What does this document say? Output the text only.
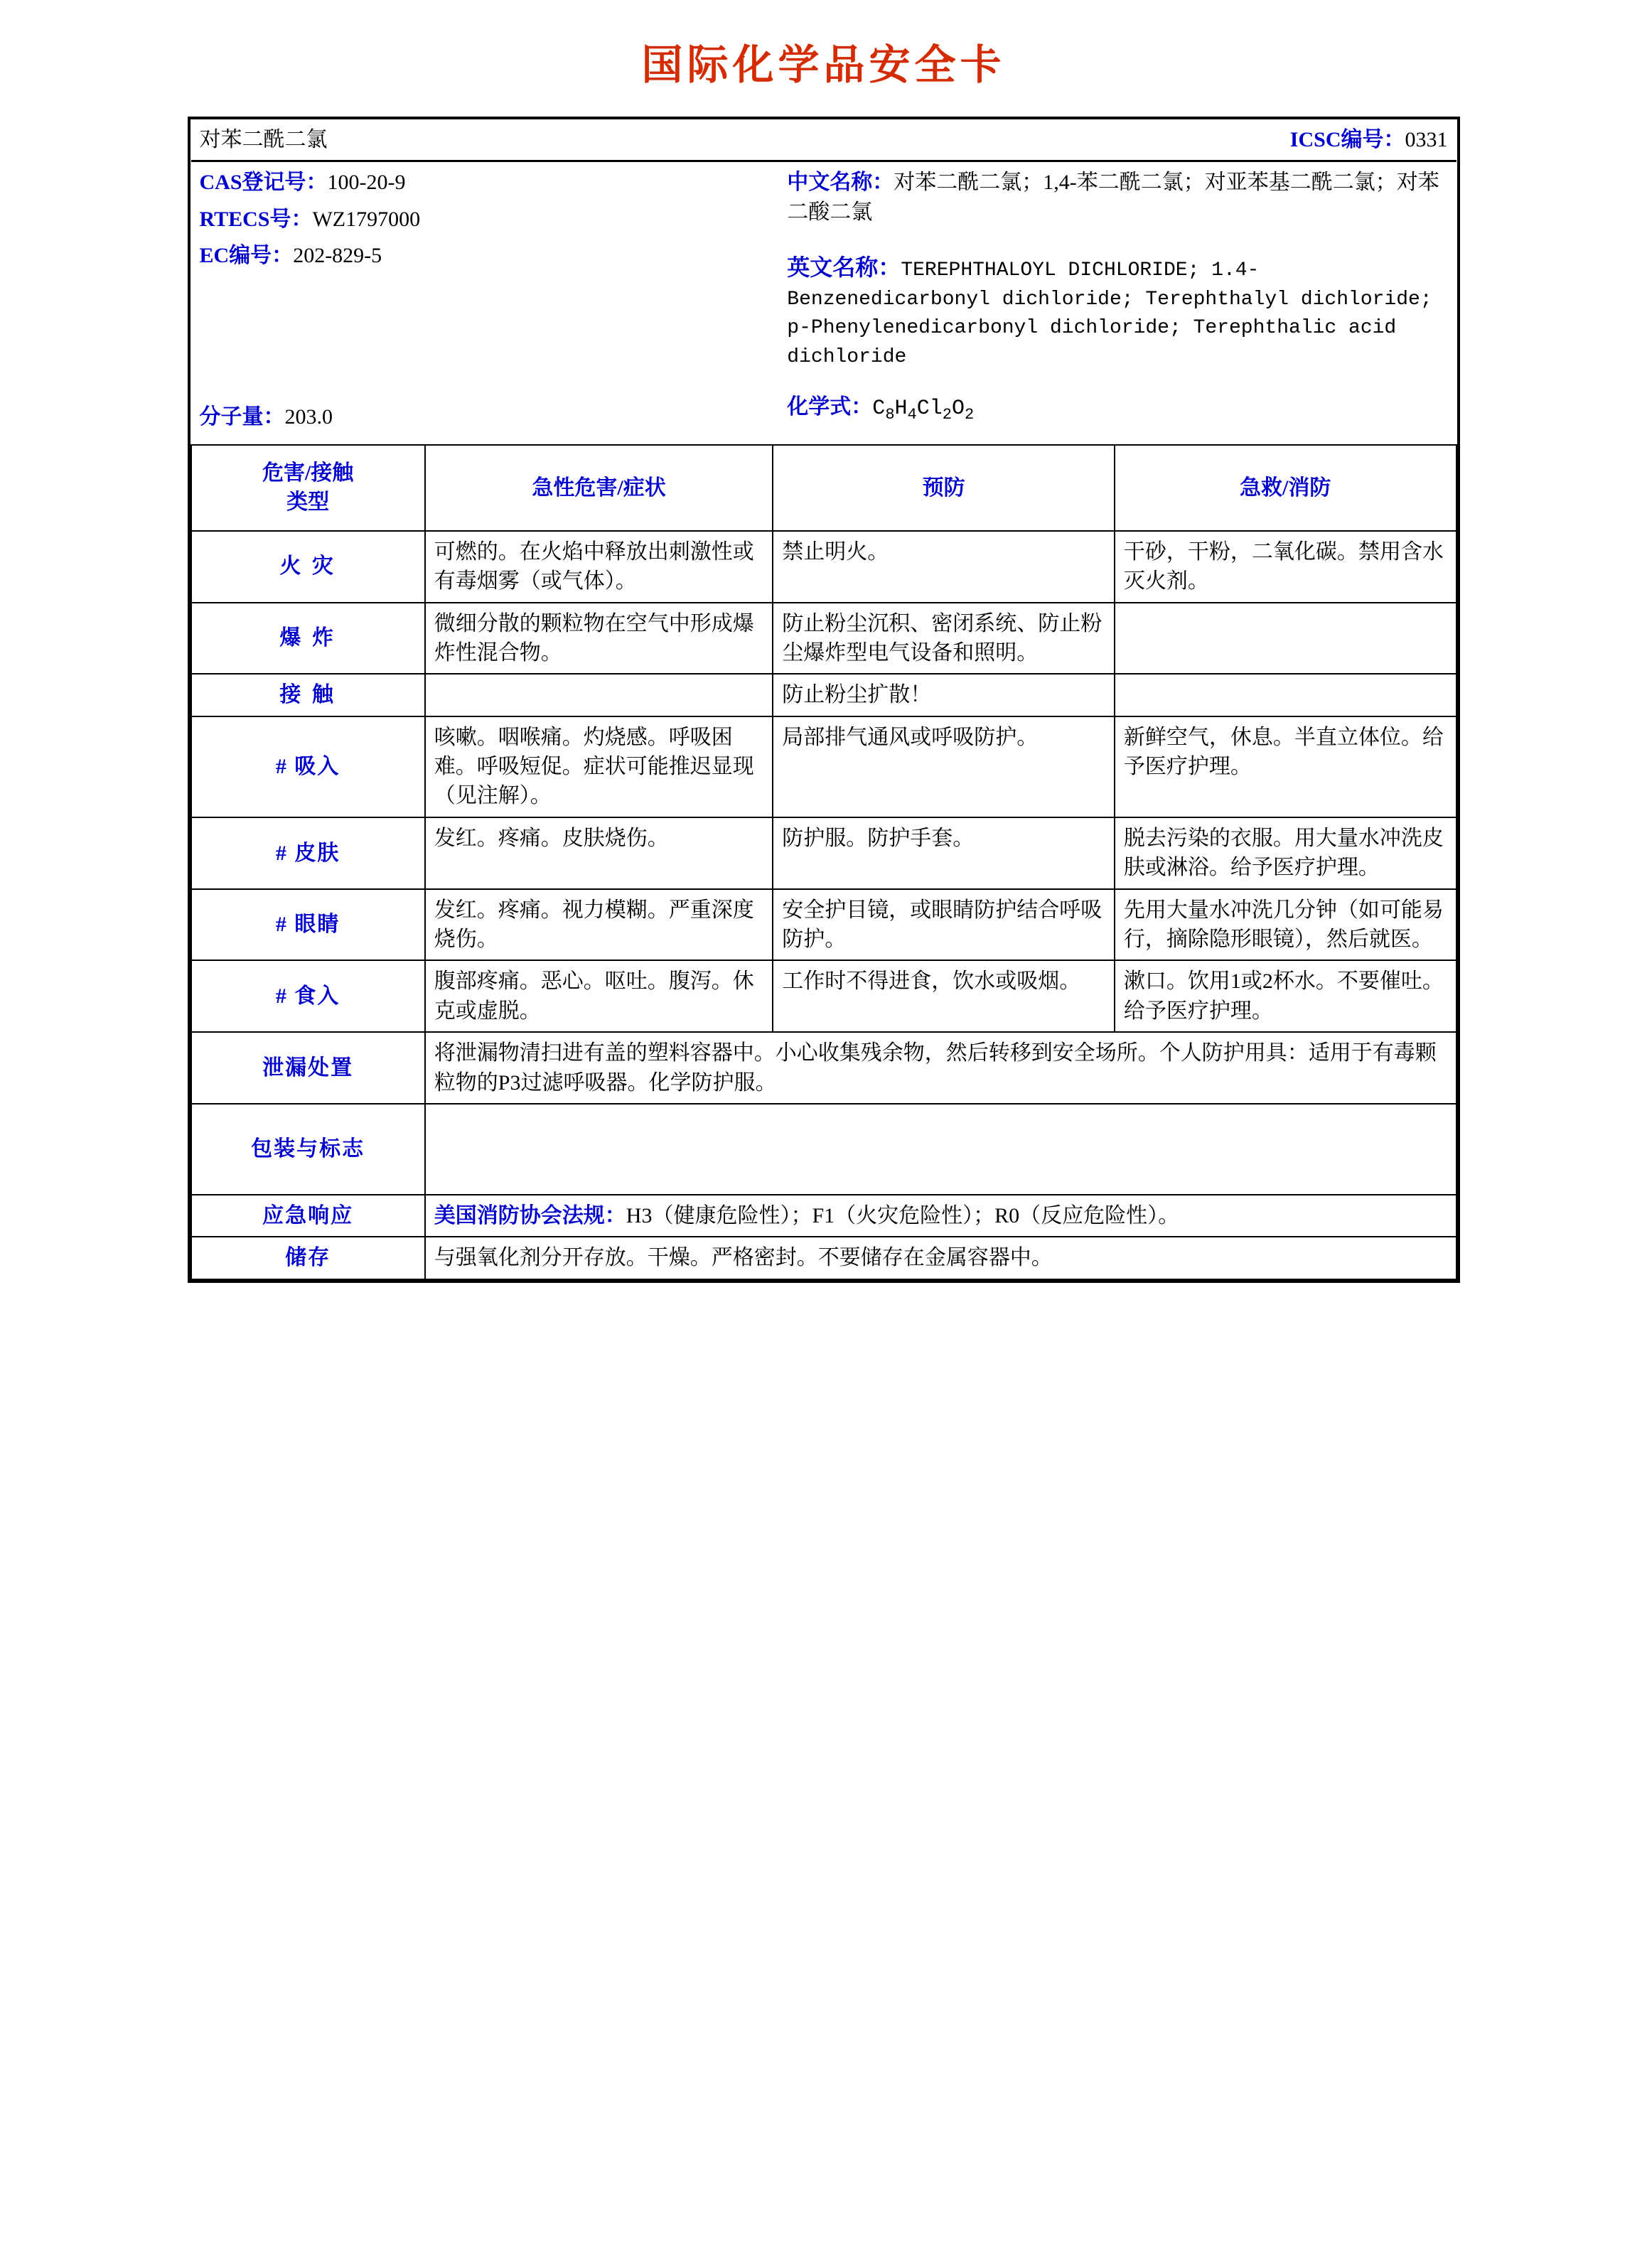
国际化学品安全卡
对苯二酰二氯		ICSC编号：0331	

CAS登记号：100-20-9
RTECS号：WZ1797000
EC编号：202-829-5
分子量：203.0

中文名称：对苯二酰二氯；1,4-苯二酰二氯；对亚苯基二酰二氯；对苯二酸二氯
英文名称：TEREPHTHALOYL DICHLORIDE; 1.4-Benzenedicarbonyl dichloride; Terephthalyl dichloride; p-Phenylenedicarbonyl dichloride; Terephthalic acid dichloride
化学式：$C_8H_4Cl_2O_2$

危害/接触
类型	急性危害/症状	预防	急救/消防
火 灾	可燃的。在火焰中释放出刺激性或有毒烟雾（或气体）。	禁止明火。	干砂，干粉，二氧化碳。禁用含水灭火剂。
爆 炸	微细分散的颗粒物在空气中形成爆炸性混合物。	防止粉尘沉积、密闭系统、防止粉尘爆炸型电气设备和照明。	
接 触		防止粉尘扩散！	
# 吸入	咳嗽。咽喉痛。灼烧感。呼吸困难。呼吸短促。症状可能推迟显现（见注解）。	局部排气通风或呼吸防护。	新鲜空气，休息。半直立体位。给予医疗护理。
# 皮肤	发红。疼痛。皮肤烧伤。	防护服。防护手套。	脱去污染的衣服。用大量水冲洗皮肤或淋浴。给予医疗护理。
# 眼睛	发红。疼痛。视力模糊。严重深度烧伤。	安全护目镜，或眼睛防护结合呼吸防护。	先用大量水冲洗几分钟（如可能易行，摘除隐形眼镜），然后就医。
# 食入	腹部疼痛。恶心。呕吐。腹泻。休克或虚脱。	工作时不得进食，饮水或吸烟。	漱口。饮用1或2杯水。不要催吐。给予医疗护理。
泄漏处置	将泄漏物清扫进有盖的塑料容器中。小心收集残余物，然后转移到安全场所。个人防护用具：适用于有毒颗粒物的P3过滤呼吸器。化学防护服。		
包装与标志			
应急响应	美国消防协会法规：H3（健康危险性）；F1（火灾危险性）；R0（反应危险性）。		
储存	与强氧化剂分开存放。干燥。严格密封。不要储存在金属容器中。		
